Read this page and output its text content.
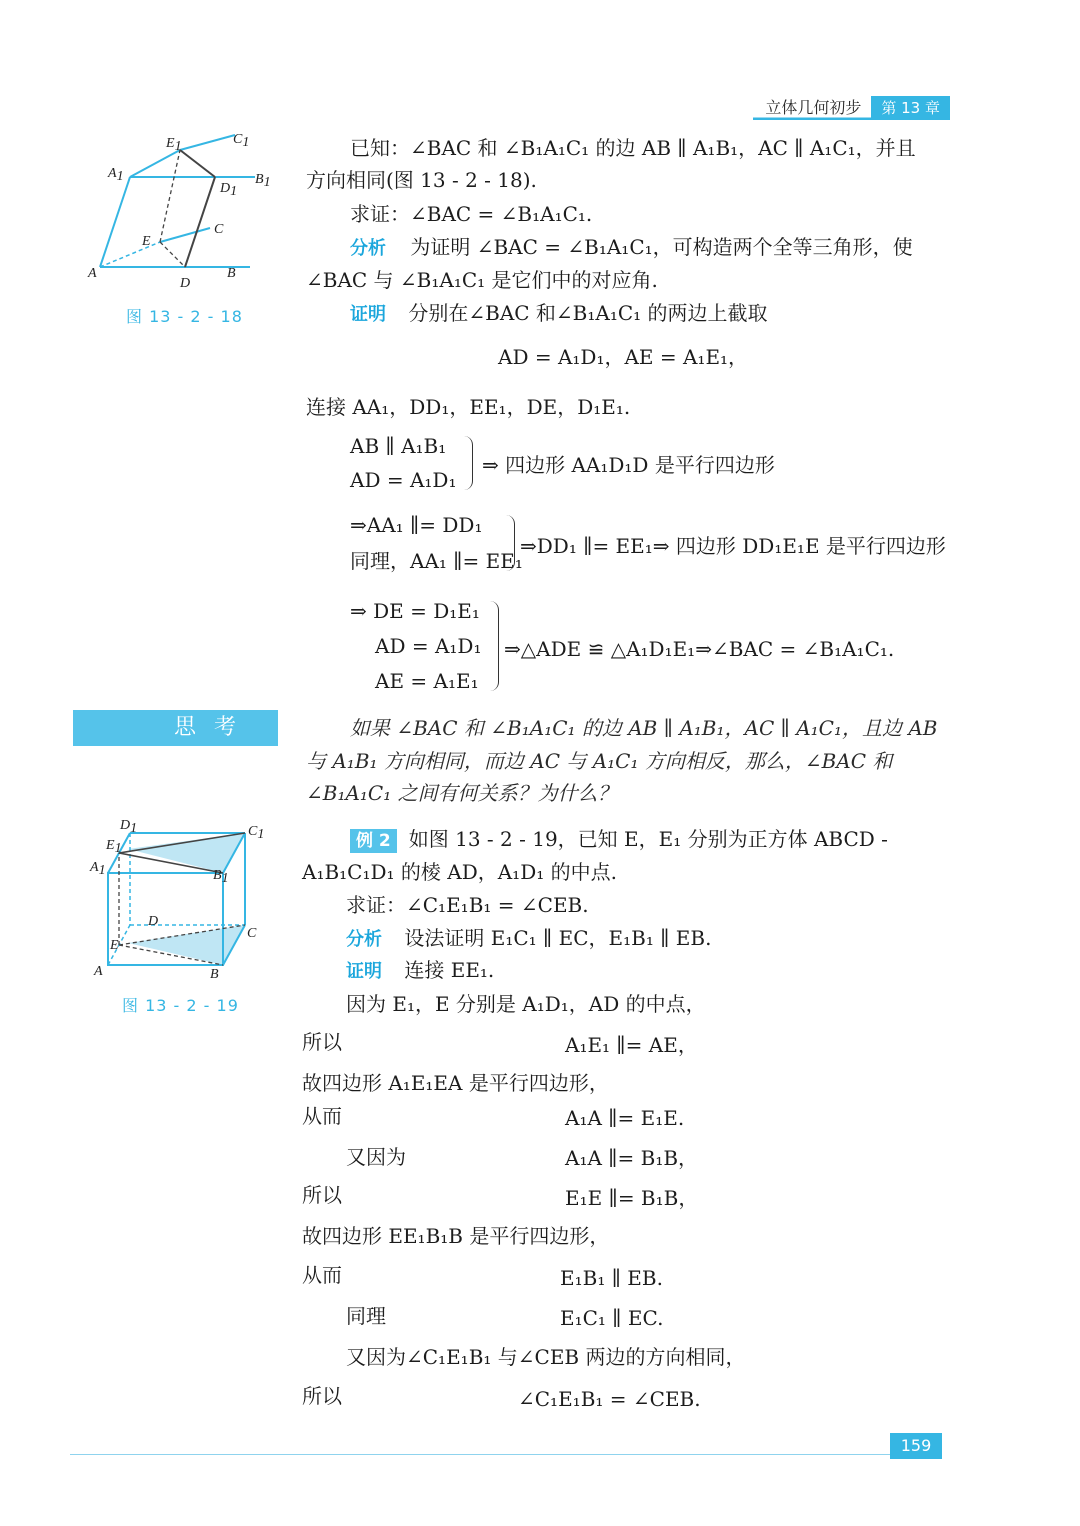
立体几何初步	第 13 章
C1
E1
A1	B1
D1
C
E
A
D
B
图 13 - 2 - 18
思考
D1	C1
E1
A1	B1
D
C
E
A	B
图 13 - 2 - 19
已知：∠BAC 和 ∠B₁A₁C₁ 的边 AB ∥ A₁B₁，AC ∥ A₁C₁，并且
方向相同(图 13 - 2 - 18).
求证：∠BAC = ∠B₁A₁C₁.
分析 为证明 ∠BAC = ∠B₁A₁C₁，可构造两个全等三角形，使
∠BAC 与 ∠B₁A₁C₁ 是它们中的对应角.
证明 分别在∠BAC 和∠B₁A₁C₁ 的两边上截取
AD = A₁D₁，AE = A₁E₁，
连接 AA₁，DD₁，EE₁，DE，D₁E₁.
AB ∥ A₁B₁
AD = A₁D₁
⇒ 四边形 AA₁D₁D 是平行四边形
⇒AA₁ ∥= DD₁
同理，AA₁ ∥= EE₁
⇒DD₁ ∥= EE₁⇒ 四边形 DD₁E₁E 是平行四边形
⇒ DE = D₁E₁
AD = A₁D₁
AE = A₁E₁
⇒△ADE ≌ △A₁D₁E₁⇒∠BAC = ∠B₁A₁C₁.
如果 ∠BAC 和 ∠B₁A₁C₁ 的边 AB ∥ A₁B₁，AC ∥ A₁C₁，且边 AB
与 A₁B₁ 方向相同，而边 AC 与 A₁C₁ 方向相反，那么，∠BAC 和
∠B₁A₁C₁ 之间有何关系？为什么？
例 2 如图 13 - 2 - 19，已知 E，E₁ 分别为正方体 ABCD -
A₁B₁C₁D₁ 的棱 AD，A₁D₁ 的中点.
求证：∠C₁E₁B₁ = ∠CEB.
分析 设法证明 E₁C₁ ∥ EC，E₁B₁ ∥ EB.
证明 连接 EE₁.
因为 E₁，E 分别是 A₁D₁，AD 的中点，
所以	A₁E₁ ∥= AE，
故四边形 A₁E₁EA 是平行四边形，
从而	A₁A ∥= E₁E.
又因为	A₁A ∥= B₁B，
所以	E₁E ∥= B₁B，
故四边形 EE₁B₁B 是平行四边形，
从而	E₁B₁ ∥ EB.
同理	E₁C₁ ∥ EC.
又因为∠C₁E₁B₁ 与∠CEB 两边的方向相同，
所以	∠C₁E₁B₁ = ∠CEB.
159
